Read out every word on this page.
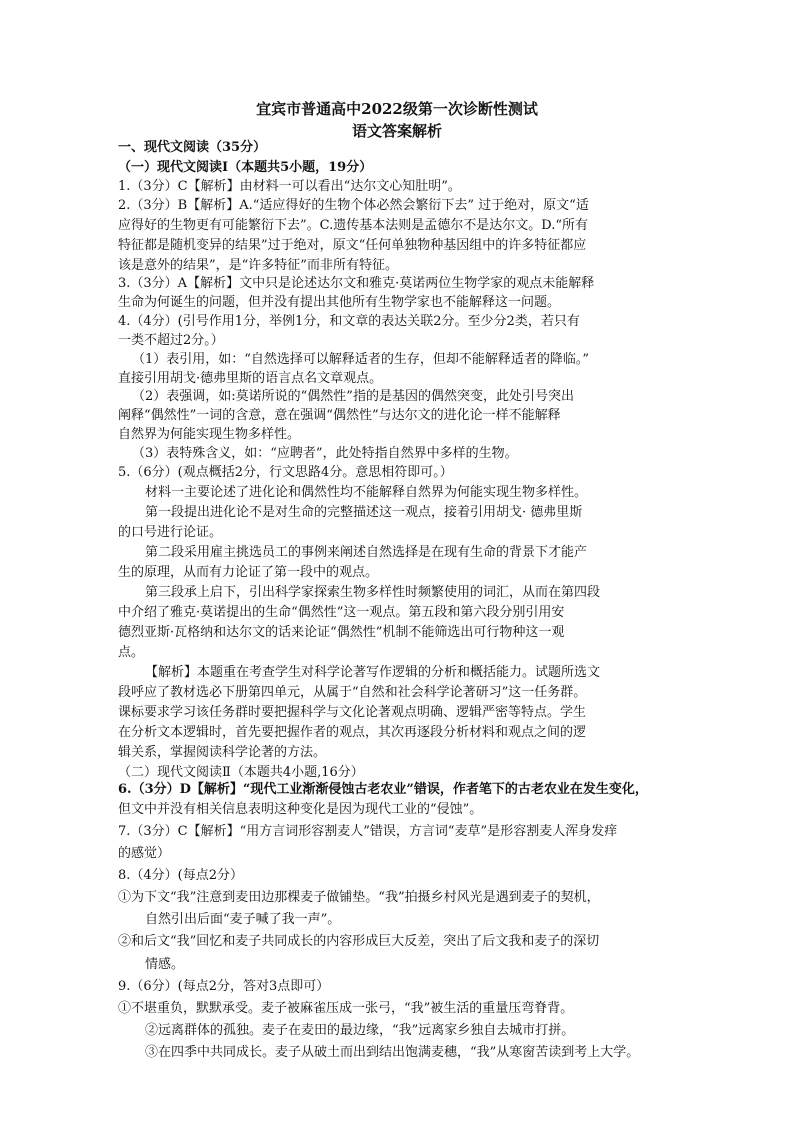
宜宾市普通高中2022级第一次诊断性测试
语文答案解析
一、现代文阅读（35分）
（一）现代文阅读Ⅰ（本题共5小题，19分）
1.（3分）C【解析】由材料一可以看出“达尔文心知肚明”。
2.（3分）B【解析】A.“适应得好的生物个体必然会繁衍下去” 过于绝对，原文“适
应得好的生物更有可能繁衍下去”。C.遗传基本法则是孟德尔不是达尔文。D.“所有
特征都是随机变异的结果”过于绝对，原文“任何单独物种基因组中的许多特征都应
该是意外的结果”，是“许多特征”而非所有特征。
3.（3分）A【解析】文中只是论述达尔文和雅克·莫诺两位生物学家的观点未能解释
生命为何诞生的问题，但并没有提出其他所有生物学家也不能解释这一问题。
4.（4分）(引号作用1分，举例1分，和文章的表达关联2分。至少分2类，若只有
一类不超过2分。）
（1）表引用，如：“自然选择可以解释适者的生存，但却不能解释适者的降临。”
直接引用胡戈·德弗里斯的语言点名文章观点。
（2）表强调，如:莫诺所说的“偶然性”指的是基因的偶然突变，此处引号突出
阐释“偶然性”一词的含意，意在强调“偶然性”与达尔文的进化论一样不能解释
自然界为何能实现生物多样性。
（3）表特殊含义，如：“应聘者”，此处特指自然界中多样的生物。
5.（6分）(观点概括2分，行文思路4分。意思相符即可。）
材料一主要论述了进化论和偶然性均不能解释自然界为何能实现生物多样性。
第一段提出进化论不是对生命的完整描述这一观点，接着引用胡戈· 德弗里斯
的口号进行论证。
第二段采用雇主挑选员工的事例来阐述自然选择是在现有生命的背景下才能产
生的原理，从而有力论证了第一段中的观点。
第三段承上启下，引出科学家探索生物多样性时频繁使用的词汇，从而在第四段
中介绍了雅克·莫诺提出的生命“偶然性”这一观点。第五段和第六段分别引用安
德烈亚斯·瓦格纳和达尔文的话来论证“偶然性”机制不能筛选出可行物种这一观
点。
【解析】本题重在考查学生对科学论著写作逻辑的分析和概括能力。试题所选文
段呼应了教材选必下册第四单元，从属于“自然和社会科学论著研习”这一任务群。
课标要求学习该任务群时要把握科学与文化论著观点明确、逻辑严密等特点。学生
在分析文本逻辑时，首先要把握作者的观点，其次再逐段分析材料和观点之间的逻
辑关系，掌握阅读科学论著的方法。
（二）现代文阅读Ⅱ（本题共4小题,16分）
6.（3分）D【解析】“现代工业渐渐侵蚀古老农业”错误，作者笔下的古老农业在发生变化，
但文中并没有相关信息表明这种变化是因为现代工业的“侵蚀”。
7.（3分）C【解析】“用方言词形容割麦人”错误，方言词“麦草”是形容割麦人浑身发痒
的感觉）
8.（4分）(每点2分）
①为下文“我”注意到麦田边那棵麦子做铺垫。“我”拍摄乡村风光是遇到麦子的契机，
自然引出后面“麦子喊了我一声”。
②和后文“我”回忆和麦子共同成长的内容形成巨大反差，突出了后文我和麦子的深切
情感。
9.（6分）(每点2分，答对3点即可）
①不堪重负，默默承受。麦子被麻雀压成一张弓，“我”被生活的重量压弯脊背。
②远离群体的孤独。麦子在麦田的最边缘，“我”远离家乡独自去城市打拼。
③在四季中共同成长。麦子从破土而出到结出饱满麦穗，“我”从寒窗苦读到考上大学。
